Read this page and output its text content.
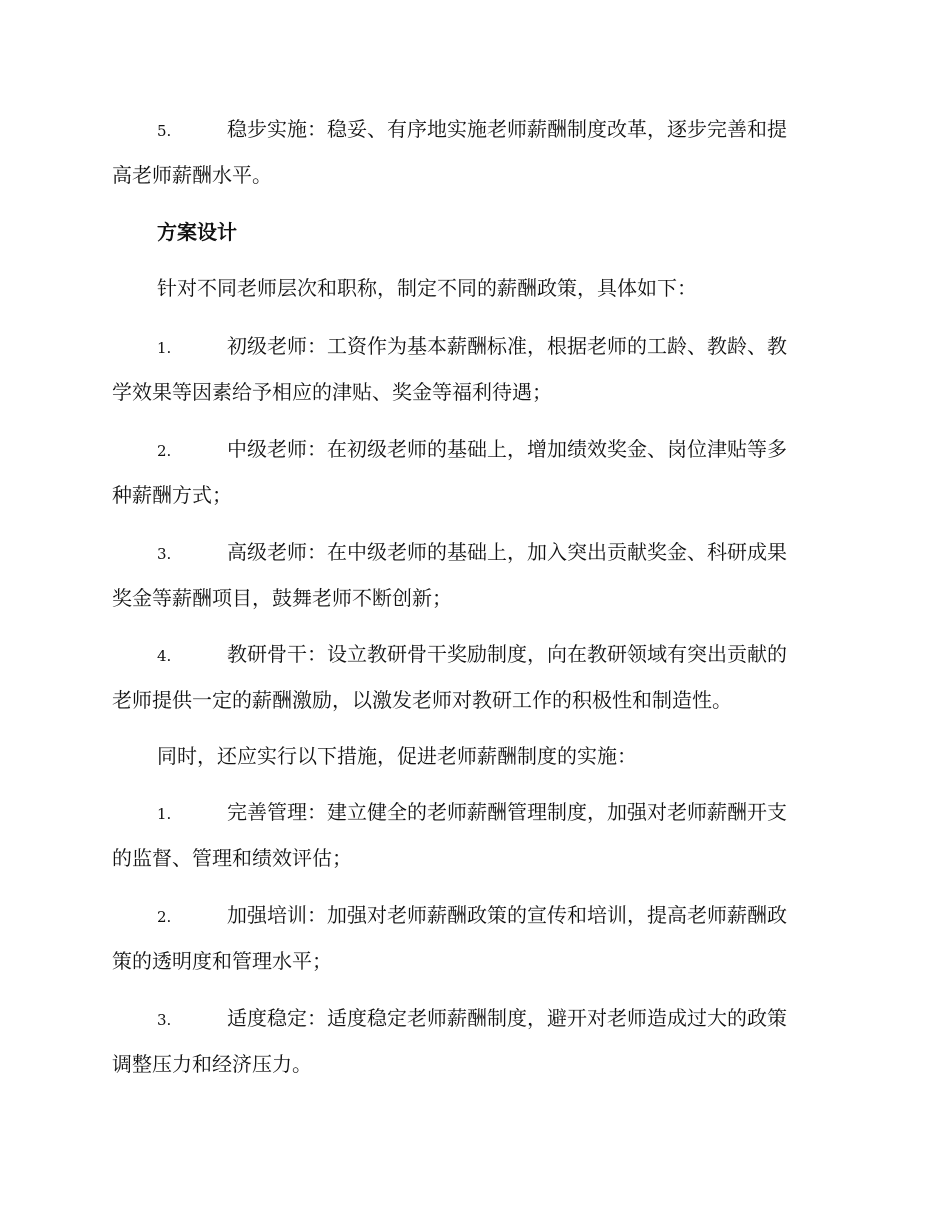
5.	稳步实施：稳妥、有序地实施老师薪酬制度改革，逐步完善和提
高老师薪酬水平。
方案设计
针对不同老师层次和职称，制定不同的薪酬政策，具体如下：
1.	初级老师：工资作为基本薪酬标准，根据老师的工龄、教龄、教
学效果等因素给予相应的津贴、奖金等福利待遇；
2.	中级老师：在初级老师的基础上，增加绩效奖金、岗位津贴等多
种薪酬方式；
3.	高级老师：在中级老师的基础上，加入突出贡献奖金、科研成果
奖金等薪酬项目，鼓舞老师不断创新；
4.	教研骨干：设立教研骨干奖励制度，向在教研领域有突出贡献的
老师提供一定的薪酬激励，以激发老师对教研工作的积极性和制造性。
同时，还应实行以下措施，促进老师薪酬制度的实施：
1.	完善管理：建立健全的老师薪酬管理制度，加强对老师薪酬开支
的监督、管理和绩效评估；
2.	加强培训：加强对老师薪酬政策的宣传和培训，提高老师薪酬政
策的透明度和管理水平；
3.	适度稳定：适度稳定老师薪酬制度，避开对老师造成过大的政策
调整压力和经济压力。
